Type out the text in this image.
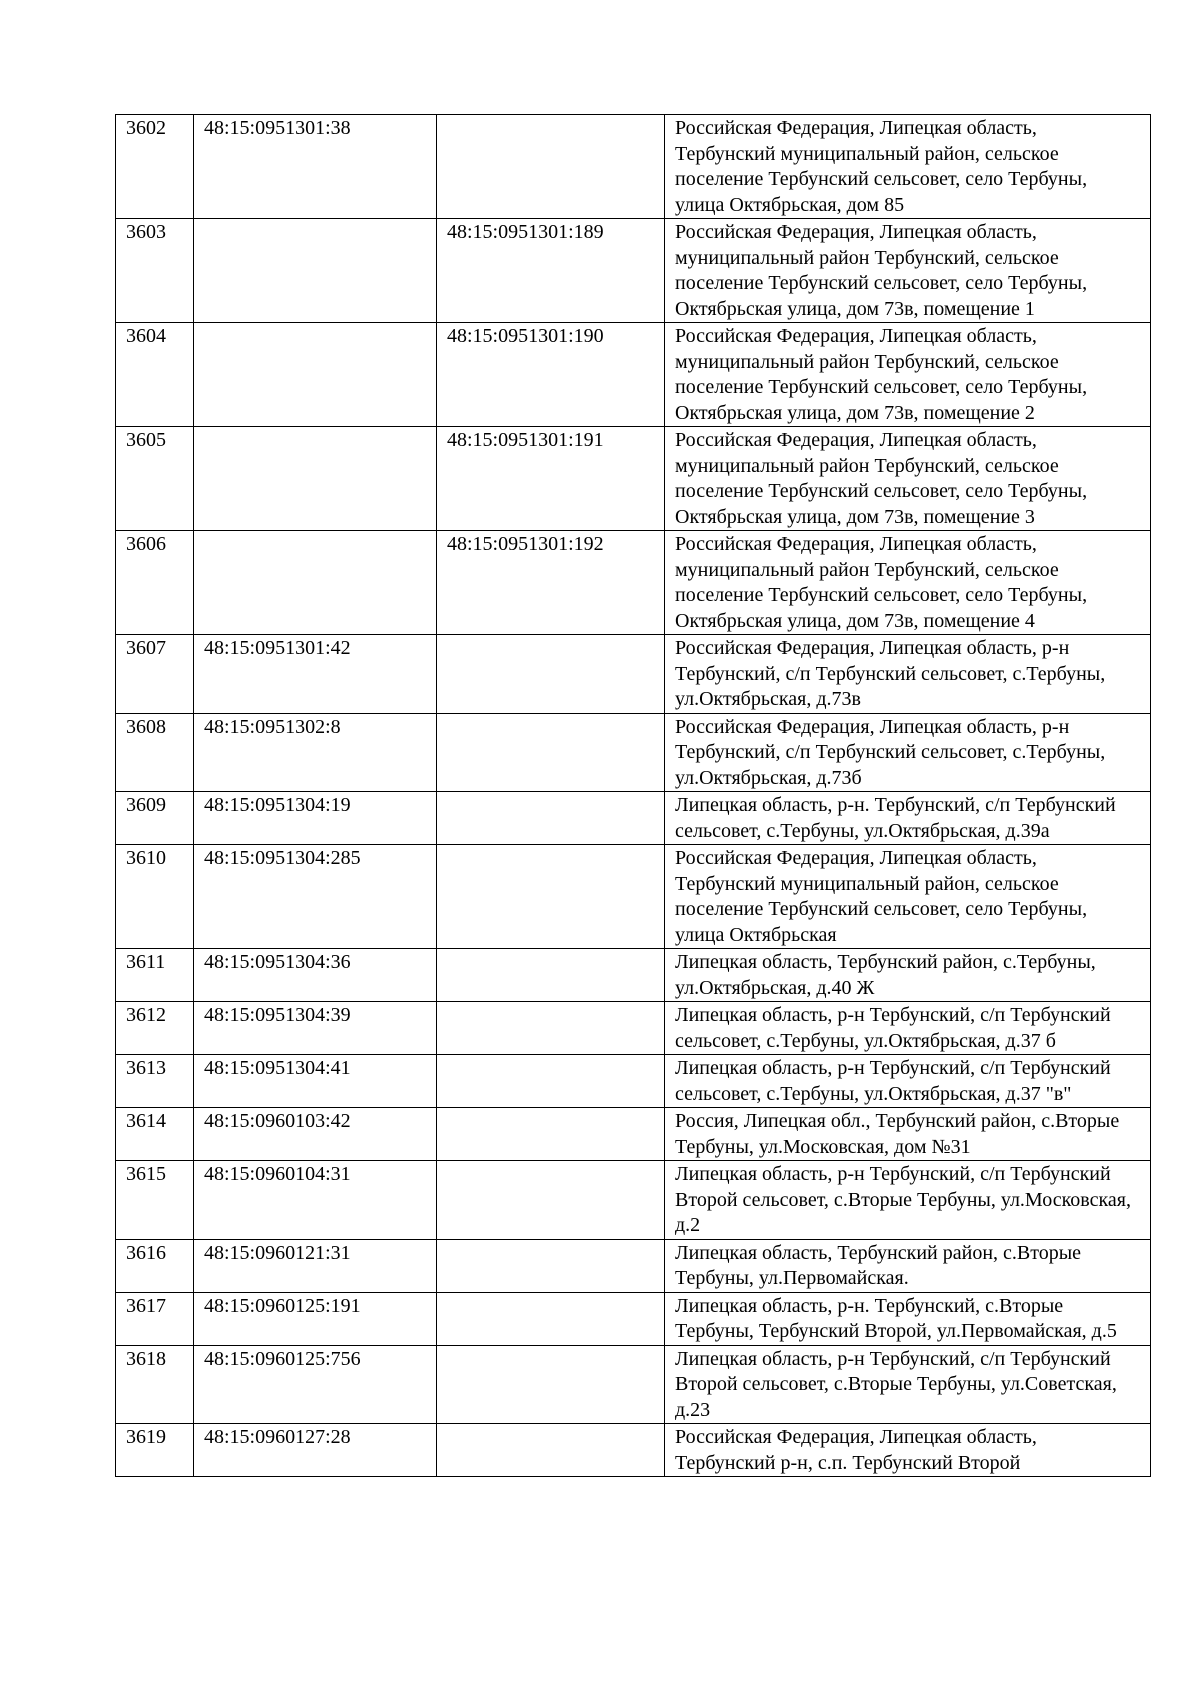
3602	48:15:0951301:38		Российская Федерация, Липецкая область, Тербунский муниципальный район, сельское поселение Тербунский сельсовет, село Тербуны, улица Октябрьская, дом 85
3603		48:15:0951301:189	Российская Федерация, Липецкая область, муниципальный район Тербунский, сельское поселение Тербунский сельсовет, село Тербуны, Октябрьская улица, дом 73в, помещение 1
3604		48:15:0951301:190	Российская Федерация, Липецкая область, муниципальный район Тербунский, сельское поселение Тербунский сельсовет, село Тербуны, Октябрьская улица, дом 73в, помещение 2
3605		48:15:0951301:191	Российская Федерация, Липецкая область, муниципальный район Тербунский, сельское поселение Тербунский сельсовет, село Тербуны, Октябрьская улица, дом 73в, помещение 3
3606		48:15:0951301:192	Российская Федерация, Липецкая область, муниципальный район Тербунский, сельское поселение Тербунский сельсовет, село Тербуны, Октябрьская улица, дом 73в, помещение 4
3607	48:15:0951301:42		Российская Федерация, Липецкая область, р-н Тербунский, с/п Тербунский сельсовет, с.Тербуны, ул.Октябрьская, д.73в
3608	48:15:0951302:8		Российская Федерация, Липецкая область, р-н Тербунский, с/п Тербунский сельсовет, с.Тербуны, ул.Октябрьская, д.73б
3609	48:15:0951304:19		Липецкая область, р-н. Тербунский, с/п Тербунский сельсовет, с.Тербуны, ул.Октябрьская, д.39а
3610	48:15:0951304:285		Российская Федерация, Липецкая область, Тербунский муниципальный район, сельское поселение Тербунский сельсовет, село Тербуны, улица Октябрьская
3611	48:15:0951304:36		Липецкая область, Тербунский район, с.Тербуны, ул.Октябрьская, д.40 Ж
3612	48:15:0951304:39		Липецкая область, р-н Тербунский, с/п Тербунский сельсовет, с.Тербуны, ул.Октябрьская, д.37 б
3613	48:15:0951304:41		Липецкая область, р-н Тербунский, с/п Тербунский сельсовет, с.Тербуны, ул.Октябрьская, д.37 "в"
3614	48:15:0960103:42		Россия, Липецкая обл., Тербунский район, с.Вторые Тербуны, ул.Московская, дом №31
3615	48:15:0960104:31		Липецкая область, р-н Тербунский, с/п Тербунский Второй сельсовет, с.Вторые Тербуны, ул.Московская, д.2
3616	48:15:0960121:31		Липецкая область, Тербунский район, с.Вторые Тербуны, ул.Первомайская.
3617	48:15:0960125:191		Липецкая область, р-н. Тербунский, с.Вторые Тербуны, Тербунский Второй, ул.Первомайская, д.5
3618	48:15:0960125:756		Липецкая область, р-н Тербунский, с/п Тербунский Второй сельсовет, с.Вторые Тербуны, ул.Советская, д.23
3619	48:15:0960127:28		Российская Федерация, Липецкая область, Тербунский р-н, с.п. Тербунский Второй
